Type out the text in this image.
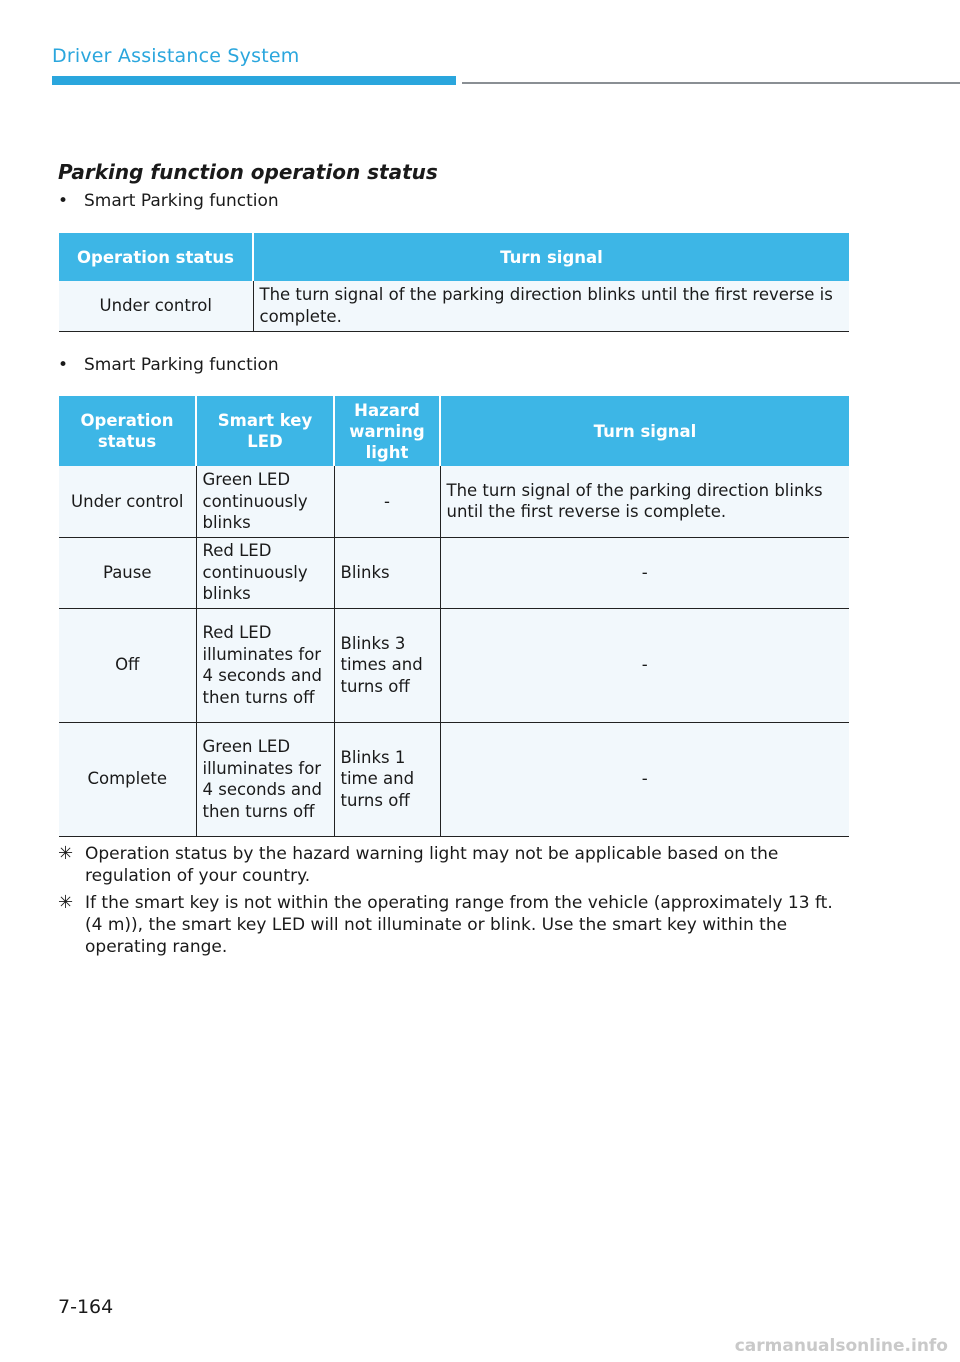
Driver Assistance System
Parking function operation status
• Smart Parking function
Operation status	Turn signal
Under control	The turn signal of the parking direction blinks until the first reverse is complete.
• Smart Parking function
Operation status	Smart key LED	Hazard warning light	Turn signal
Under control	Green LED continuously blinks	-	The turn signal of the parking direction blinks until the first reverse is complete.
Pause	Red LED continuously blinks	Blinks	-
Off	Red LED illuminates for 4 seconds and then turns off	Blinks 3 times and turns off	-
Complete	Green LED illuminates for 4 seconds and then turns off	Blinks 1 time and turns off	-
✳ Operation status by the hazard warning light may not be applicable based on the regulation of your country.
✳ If the smart key is not within the operating range from the vehicle (approximately 13 ft. (4 m)), the smart key LED will not illuminate or blink. Use the smart key within the operating range.
7-164
carmanualsonline.info
